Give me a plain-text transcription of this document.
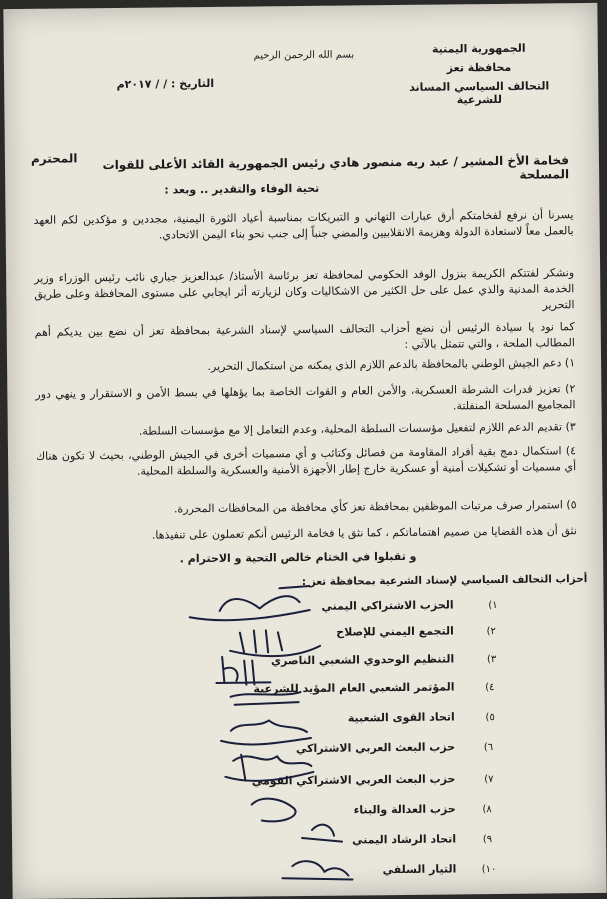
الجمهورية اليمنية
محافظة تعز
التحالف السياسي المساند للشرعية
بسم الله الرحمن الرحيم
التاريخ : / / ٢٠١٧م
فخامة الأخ المشير / عبد ربه منصور هادي رئيس الجمهورية القائد الأعلى للقوات المسلحة
المحترم
تحية الوفاء والتقدير .. وبعد :
يسرنا أن نرفع لفخامتكم أرق عبارات التهاني و التبريكات بمناسبة أعياد الثورة اليمنية، مجددين و مؤكدين لكم العهد بالعمل معاً لاستعادة الدولة وهزيمة الانقلابيين والمضي جنباً إلى جنب نحو بناء اليمن الاتحادي.
ونشكر لفتتكم الكريمة بنزول الوفد الحكومي لمحافظة تعز برئاسة الأستاذ/ عبدالعزيز جباري نائب رئيس الوزراء وزير الخدمة المدنية والذي عمل على حل الكثير من الاشكاليات وكان لزيارته أثر ايجابي على مستوى المحافظة وعلى طريق التحرير
كما نود يا سيادة الرئيس أن نضع أحزاب التحالف السياسي لإسناد الشرعية بمحافظة تعز أن نضع بين يديكم أهم المطالب الملحة ، والتي تتمثل بالآتي :
١) دعم الجيش الوطني بالمحافظة بالدعم اللازم الذي يمكنه من استكمال التحرير.
٢) تعزيز قدرات الشرطة العسكرية، والأمن العام و القوات الخاصة بما يؤهلها في بسط الأمن و الاستقرار و ينهي دور المجاميع المسلحة المنفلتة.
٣) تقديم الدعم اللازم لتفعيل مؤسسات السلطة المحلية، وعدم التعامل إلا مع مؤسسات السلطة.
٤) استكمال دمج بقية أفراد المقاومة من فصائل وكتائب و أي مسميات أخرى في الجيش الوطني، بحيث لا تكون هناك أي مسميات أو تشكيلات أمنية أو عسكرية خارج إطار الأجهزة الأمنية والعسكرية والسلطة المحلية.
٥) استمرار صرف مرتبات الموظفين بمحافظة تعز كأي محافظة من المحافظات المحررة.
نثق أن هذه القضايا من صميم اهتماماتكم ، كما نثق يا فخامة الرئيس أنكم تعملون على تنفيذها.
و تقبلوا في الختام خالص التحية و الاحترام .
أحزاب التحالف السياسي لإسناد الشرعية بمحافظة تعز :
١)
الحزب الاشتراكي اليمني
٢)
التجمع اليمني للإصلاح
٣)
التنظيم الوحدوي الشعبي الناصري
٤)
المؤتمر الشعبي العام المؤيد للشرعية
٥)
اتحاد القوى الشعبية
٦)
حزب البعث العربي الاشتراكي
٧)
حزب البعث العربي الاشتراكي القومي
٨)
حزب العدالة والبناء
٩)
اتحاد الرشاد اليمني
١٠)
التيار السلفي
